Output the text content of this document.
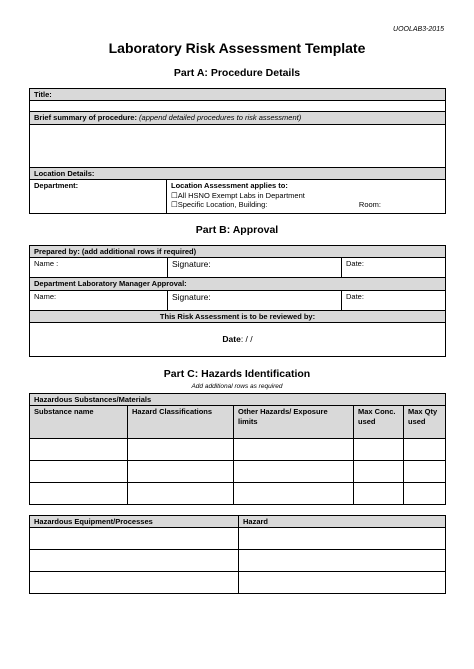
UOOLAB3-2015
Laboratory Risk Assessment Template
Part A: Procedure Details
Title:

Brief summary of procedure: (append detailed procedures to risk assessment)

Location Details:
Department:	Location Assessment applies to:
☐All HSNO Exempt Labs in Department
☐Specific Location, Building:	Room:
Part B: Approval
Prepared by: (add additional rows if required)		
Name :	Signature:	Date:
Department Laboratory Manager Approval:		
Name:	Signature:	Date:
This Risk Assessment is to be reviewed by:		
Date: / /		
Part C: Hazards Identification
Add additional rows as required
Hazardous Substances/Materials				
Substance name	Hazard Classifications	Other Hazards/ Exposure limits	Max Conc. used	Max Qty used

Hazardous Equipment/Processes	Hazard
